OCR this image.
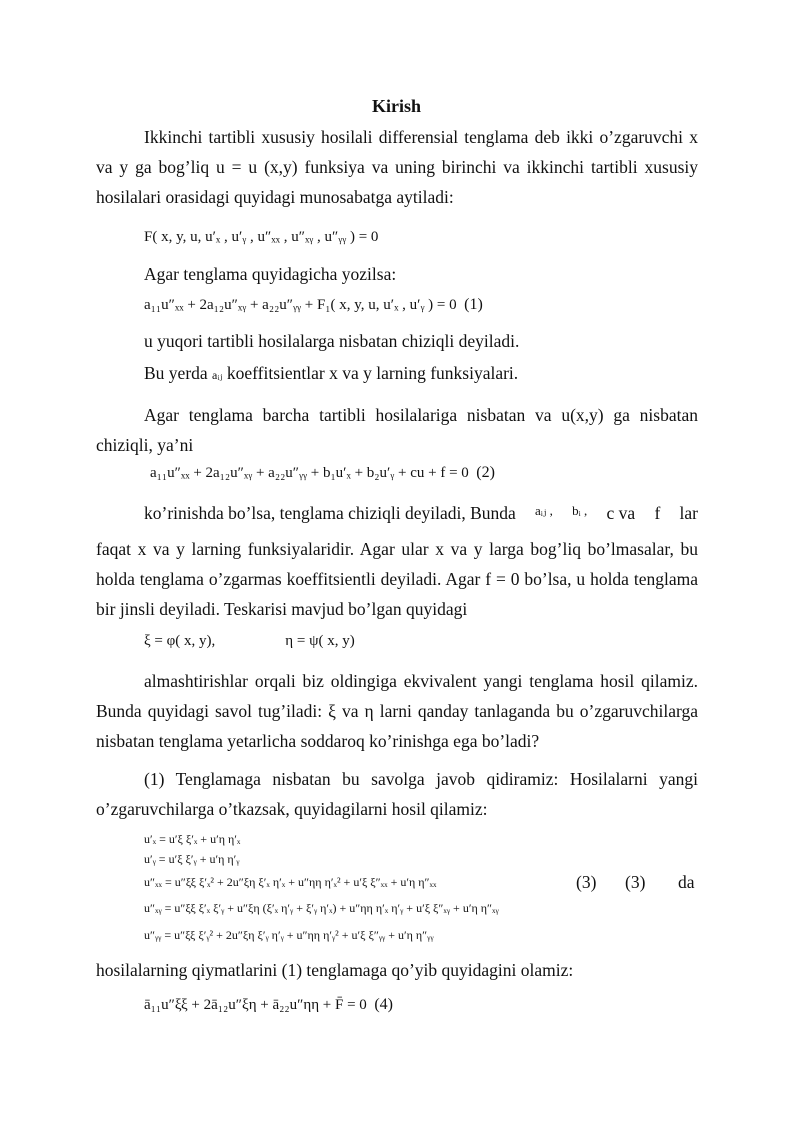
Kirish
Ikkinchi tartibli xususiy hosilali differensial tenglama deb ikki o’zgaruvchi x va y ga bog’liq u = u (x,y) funksiya va uning birinchi va ikkinchi tartibli xususiy hosilalari orasidagi quyidagi munosabatga aytiladi:
F( x, y, u, u′ₓ , u′ᵧ , u″ₓₓ , u″ₓᵧ , u″ᵧᵧ ) = 0
Agar tenglama quyidagicha yozilsa:
a₁₁u″ₓₓ + 2a₁₂u″ₓᵧ + a₂₂u″ᵧᵧ + F₁( x, y, u, u′ₓ , u′ᵧ ) = 0 (1)
u yuqori tartibli hosilalarga nisbatan chiziqli deyiladi.
Bu yerda aᵢⱼ koeffitsientlar x va y larning funksiyalari.
Agar tenglama barcha tartibli hosilalariga nisbatan va u(x,y) ga nisbatan chiziqli, ya’ni
a₁₁u″ₓₓ + 2a₁₂u″ₓᵧ + a₂₂u″ᵧᵧ + b₁u′ₓ + b₂u′ᵧ + cu + f = 0 (2)
ko’rinishda bo’lsa, tenglama chiziqli deyiladi, Bunda aᵢⱼ , bᵢ , c va f lar
faqat x va y larning funksiyalaridir. Agar ular x va y larga bog’liq bo’lmasalar, bu holda tenglama o’zgarmas koeffitsientli deyiladi. Agar f = 0 bo’lsa, u holda tenglama bir jinsli deyiladi. Teskarisi mavjud bo’lgan quyidagi
ξ = φ( x, y),	η = ψ( x, y)
almashtirishlar orqali biz oldingiga ekvivalent yangi tenglama hosil qilamiz. Bunda quyidagi savol tug’iladi: ξ va η larni qanday tanlaganda bu o’zgaruvchilarga nisbatan tenglama yetarlicha soddaroq ko’rinishga ega bo’ladi?
(1) Tenglamaga nisbatan bu savolga javob qidiramiz: Hosilalarni yangi o’zgaruvchilarga o’tkazsak, quyidagilarni hosil qilamiz:
u′ₓ = u′ξ ξ′ₓ + u′η η′ₓ
u′ᵧ = u′ξ ξ′ᵧ + u′η η′ᵧ
u″ₓₓ = u″ξξ ξ′ₓ² + 2u″ξη ξ′ₓ η′ₓ + u″ηη η′ₓ² + u′ξ ξ″ₓₓ + u′η η″ₓₓ
u″ₓᵧ = u″ξξ ξ′ₓ ξ′ᵧ + u″ξη (ξ′ₓ η′ᵧ + ξ′ᵧ η′ₓ) + u″ηη η′ₓ η′ᵧ + u′ξ ξ″ₓᵧ + u′η η″ₓᵧ
u″ᵧᵧ = u″ξξ ξ′ᵧ² + 2u″ξη ξ′ᵧ η′ᵧ + u″ηη η′ᵧ² + u′ξ ξ″ᵧᵧ + u′η η″ᵧᵧ
(3) (3) da
hosilalarning qiymatlarini (1) tenglamaga qo’yib quyidagini olamiz:
ā₁₁u″ξξ + 2ā₁₂u″ξη + ā₂₂u″ηη + F̄ = 0 (4)
